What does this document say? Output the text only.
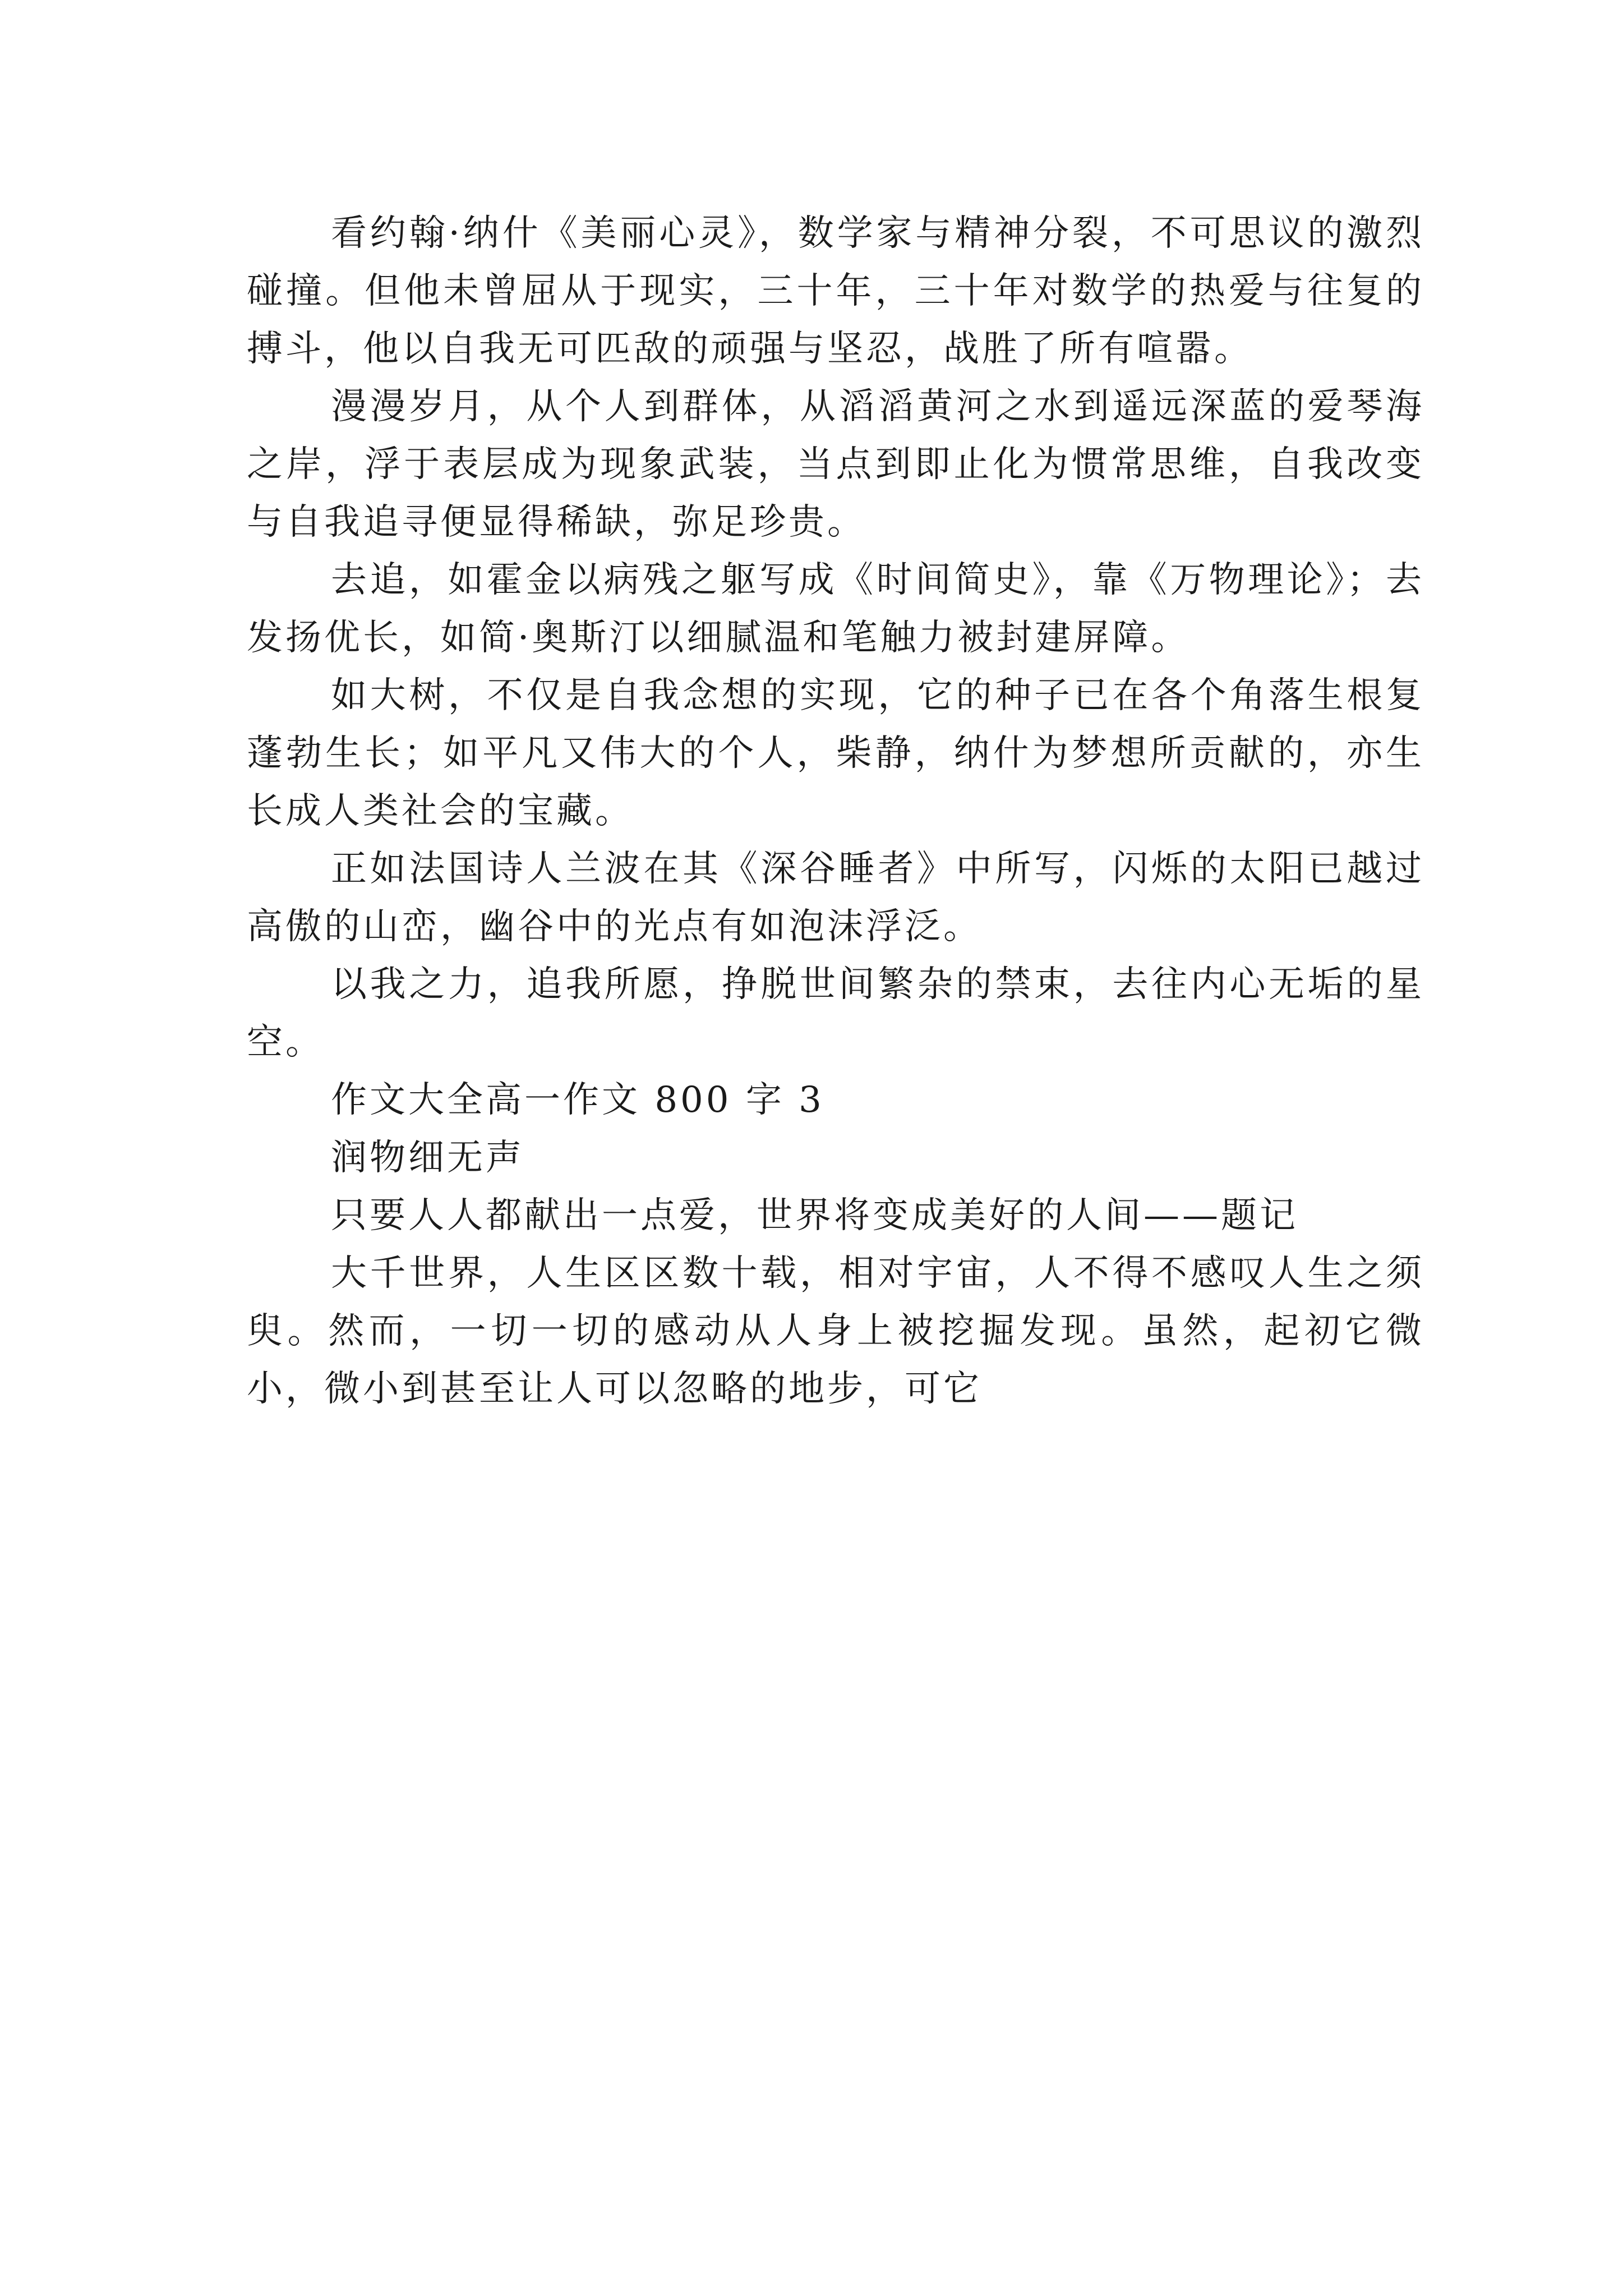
看约翰·纳什《美丽心灵》，数学家与精神分裂，不可思议的激烈碰撞。但他未曾屈从于现实，三十年，三十年对数学的热爱与往复的搏斗，他以自我无可匹敌的顽强与坚忍，战胜了所有喧嚣。

漫漫岁月，从个人到群体，从滔滔黄河之水到遥远深蓝的爱琴海之岸，浮于表层成为现象武装，当点到即止化为惯常思维，自我改变与自我追寻便显得稀缺，弥足珍贵。

去追，如霍金以病残之躯写成《时间简史》，靠《万物理论》；去发扬优长，如简·奥斯汀以细腻温和笔触力被封建屏障。

如大树，不仅是自我念想的实现，它的种子已在各个角落生根复蓬勃生长；如平凡又伟大的个人，柴静，纳什为梦想所贡献的，亦生长成人类社会的宝藏。

正如法国诗人兰波在其《深谷睡者》中所写，闪烁的太阳已越过高傲的山峦，幽谷中的光点有如泡沫浮泛。

以我之力，追我所愿，挣脱世间繁杂的禁束，去往内心无垢的星空。

作文大全高一作文 800 字 3

润物细无声

只要人人都献出一点爱，世界将变成美好的人间——题记

大千世界，人生区区数十载，相对宇宙，人不得不感叹人生之须臾。然而，一切一切的感动从人身上被挖掘发现。虽然，起初它微小，微小到甚至让人可以忽略的地步，可它
